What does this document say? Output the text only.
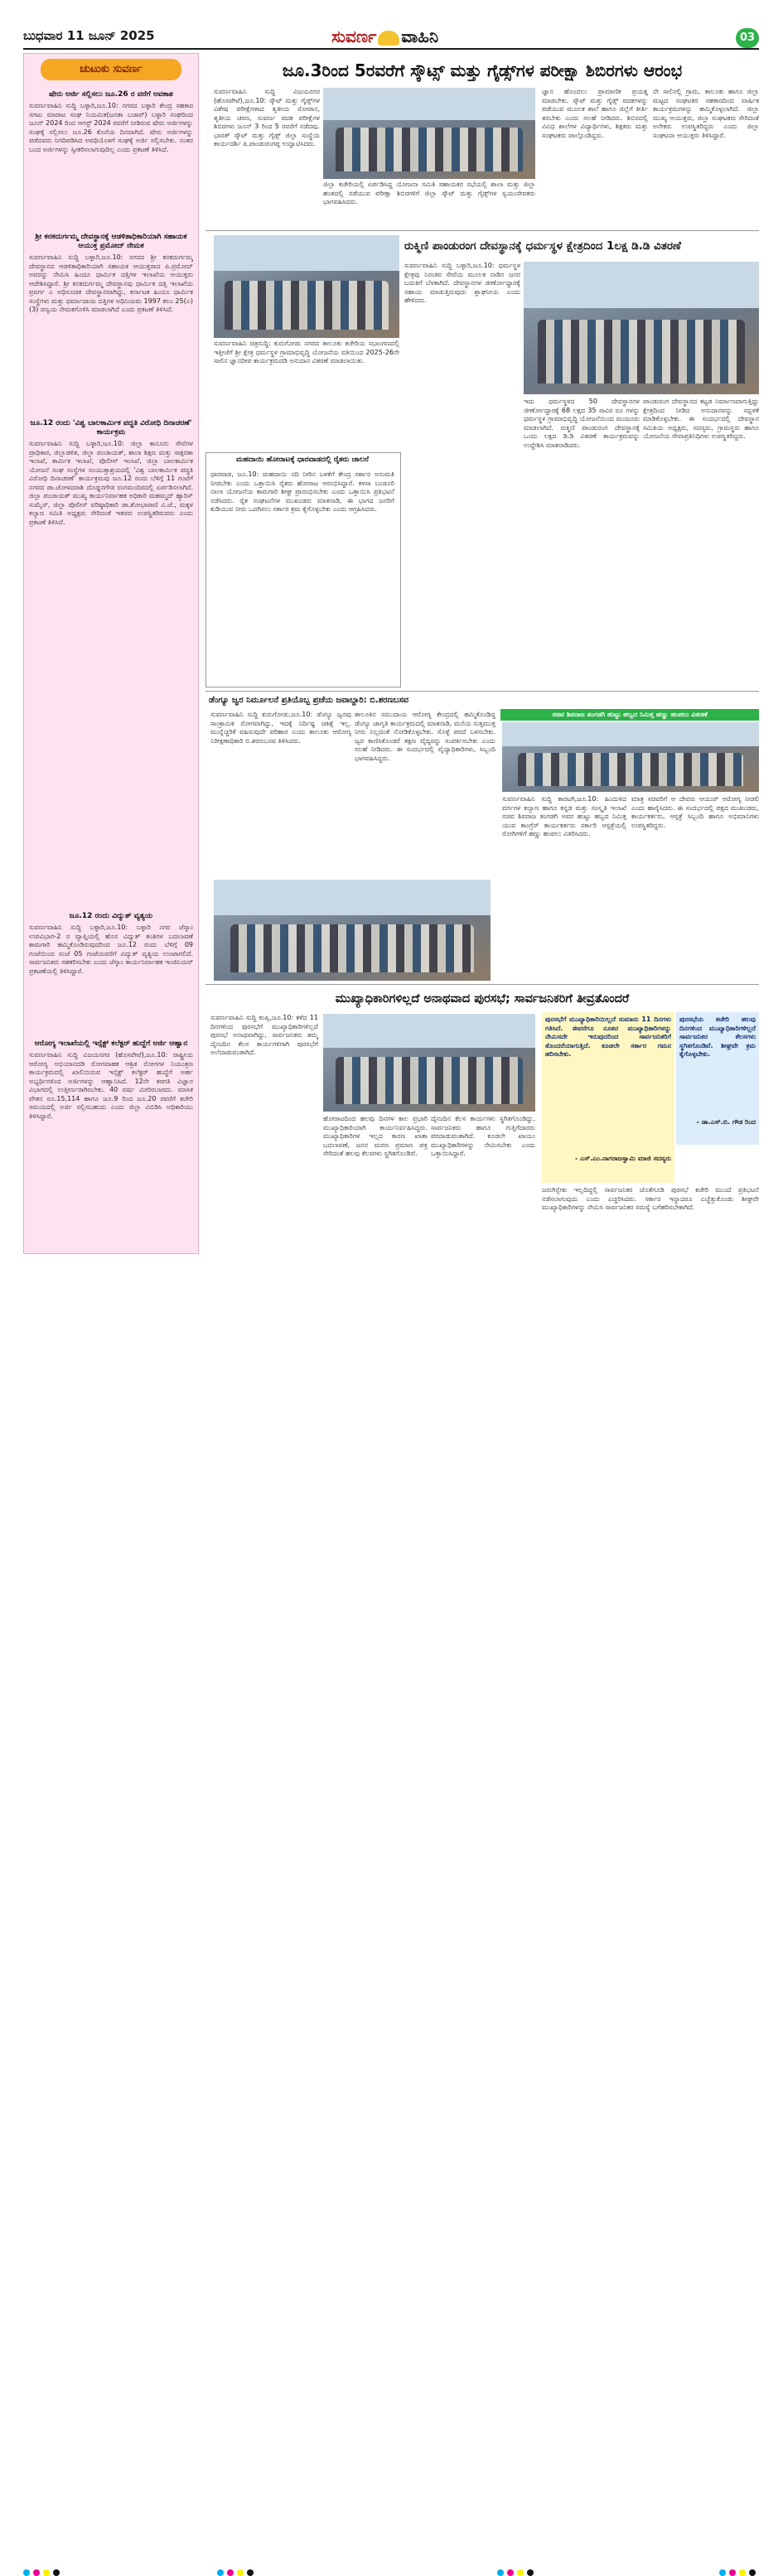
ಬುಧವಾರ 11 ಜೂನ್ 2025	ಸುವರ್ಣ ವಾಹಿನಿ	03
ಚುಟುಕು ಸುವರ್ಣ
ಷೇರು ಅರ್ಜಿ ಸಲ್ಲಿಸಲು ಜೂ.26 ರ ವರೆಗೆ ಅವಕಾಶ
ಸುವರ್ಣವಾಹಿನಿ ಸುದ್ದಿ ಬಳ್ಳಾರಿ,ಜೂ.10: ನಗರದ ಬಳ್ಳಾರಿ ಕೇಂದ್ರ ಸಹಕಾರ ಸಗಟು ಮಾರಾಟ ಸಂಘ ನಿಯಮಿತ(ಜನತಾ ಬಜಾರ್) ಬಳ್ಳಾರಿ ಸಂಘದಿಂದ ಜೂನ್ 2024 ರಿಂದ ಆಗಸ್ಟ್ 2024 ರವರೆಗೆ ನೀಡಿರುವ ಷೇರು ಅರ್ಜಿಗಳನ್ನು ಸಂಘಕ್ಕೆ ಸಲ್ಲಿಸಲು ಜೂ.26 ಕೊನೆಯ ದಿನವಾಗಿದೆ. ಷೇರು ಅರ್ಜಿಗಳನ್ನು ಪಡೆದವರು ನಿಗದಿಪಡಿಸಿದ ಅವಧಿಯೊಳಗೆ ಸಂಘಕ್ಕೆ ಅರ್ಜಿ ಸಲ್ಲಿಸಬೇಕು. ನಂತರ ಬಂದ ಅರ್ಜಿಗಳನ್ನು ಸ್ವೀಕರಿಸಲಾಗುವುದಿಲ್ಲ ಎಂದು ಪ್ರಕಟಣೆ ತಿಳಿಸಿದೆ.
ಶ್ರೀ ಕನಕದುರ್ಗಮ್ಮ ದೇವಸ್ಥಾನಕ್ಕೆ ಆಡಳಿತಾಧಿಕಾರಿಯಾಗಿ ಸಹಾಯಕ ಆಯುಕ್ತ ಪ್ರಮೋದ್ ನೇಮಕ
ಸುವರ್ಣವಾಹಿನಿ ಸುದ್ದಿ ಬಳ್ಳಾರಿ,ಜೂ.10: ನಗರದ ಶ್ರೀ ಕನಕದುರ್ಗಮ್ಮ ದೇವಸ್ಥಾನದ ಆಡಳಿತಾಧಿಕಾರಿಯಾಗಿ ಸಹಾಯಕ ಆಯುಕ್ತರಾದ ಪಿ.ಪ್ರಮೋದ್ ಅವರನ್ನು ನೇಮಿಸಿ ಹಿಂದೂ ಧಾರ್ಮಿಕ ದತ್ತಿಗಳ ಇಲಾಖೆಯ ಆಯುಕ್ತರು ಆದೇಶಿಸಿದ್ದಾರೆ. ಶ್ರೀ ಕನಕದುರ್ಗಮ್ಮ ದೇವಸ್ಥಾನವು ಧಾರ್ಮಿಕ ದತ್ತಿ ಇಲಾಖೆಯ ಪ್ರವರ್ಗ ಎ ಅಧಿಸೂಚಿತ ದೇವಸ್ಥಾನವಾಗಿದ್ದು, ಕರ್ನಾಟಕ ಹಿಂದೂ ಧಾರ್ಮಿಕ ಸಂಸ್ಥೆಗಳು ಮತ್ತು ಧರ್ಮಾದಾಯ ದತ್ತಿಗಳ ಅಧಿನಿಯಮ 1997 ಕಲಂ 25(ಎ)(3) ರಣ್ವಯ ನೇಮಕಗೊಳಿಸಿ ಮಾಡಲಾಗಿದೆ ಎಂದು ಪ್ರಕಟಣೆ ತಿಳಿಸಿದೆ.
ಜೂ.12 ರಂದು 'ವಿಶ್ವ ಬಾಲಕಾರ್ಮಿಕ ಪದ್ಧತಿ ವಿರೋಧಿ ದಿನಾಚರಣೆ' ಕಾರ್ಯಕ್ರಮ
ಸುವರ್ಣವಾಹಿನಿ ಸುದ್ದಿ ಬಳ್ಳಾರಿ,ಜೂ.10: ಜಿಲ್ಲಾ ಕಾನೂನು ಸೇವೆಗಳ ಪ್ರಾಧಿಕಾರ, ಜಿಲ್ಲಾಡಳಿತ, ಜಿಲ್ಲಾ ಪಂಚಾಯತ್, ಶಾಲಾ ಶಿಕ್ಷಣ ಮತ್ತು ಸಾಕ್ಷರತಾ ಇಲಾಖೆ, ಕಾರ್ಮಿಕ ಇಲಾಖೆ, ಪೊಲೀಸ್ ಇಲಾಖೆ, ಜಿಲ್ಲಾ ಬಾಲಕಾರ್ಮಿಕ ಯೋಜನೆ ಸಂಘ ಸಂಸ್ಥೆಗಳ ಸಂಯುಕ್ತಾಶ್ರಯದಲ್ಲಿ 'ವಿಶ್ವ ಬಾಲಕಾರ್ಮಿಕ ಪದ್ಧತಿ ವಿರೋಧಿ ದಿನಾಚರಣೆ' ಕಾರ್ಯಕ್ರಮವು ಜೂ.12 ರಂದು ಬೆಳಿಗ್ಗೆ 11 ಗಂಟೆಗೆ ನಗರದ ಡಾ.ಜೋಳದರಾಶಿ ದೊಡ್ಡನಗೌಡ ರಂಗಮಂದಿರದಲ್ಲಿ ಏರ್ಪಡಿಸಲಾಗಿದೆ. ಜಿಲ್ಲಾ ಪಂಚಾಯತ್ ಮುಖ್ಯ ಕಾರ್ಯನಿರ್ವಾಹಕ ಅಧಿಕಾರಿ ಮಹಮ್ಮದ್ ಹ್ಯಾರಿಸ್ ಸುಮೈರ್, ಜಿಲ್ಲಾ ಪೊಲೀಸ್ ವರಿಷ್ಠಾಧಿಕಾರಿ ಡಾ.ಶೋಭಾರಾಣಿ ವಿ.ಜೆ., ಮಕ್ಕಳ ಕಲ್ಯಾಣ ಸಮಿತಿ ಅಧ್ಯಕ್ಷರು ಸೇರಿದಂತೆ ಇತರರು ಉಪಸ್ಥಿತರಿರುವರು ಎಂದು ಪ್ರಕಟಣೆ ತಿಳಿಸಿದೆ.
ಜೂ.12 ರಂದು ವಿದ್ಯುತ್ ವ್ಯತ್ಯಯ
ಸುವರ್ಣವಾಹಿನಿ ಸುದ್ದಿ ಬಳ್ಳಾರಿ,ಜೂ.10: ಬಳ್ಳಾರಿ ನಗರ ಜೆಸ್ಕಾಂ ಉಪವಿಭಾಗ-2 ರ ವ್ಯಾಪ್ತಿಯಲ್ಲಿ ಹೊಸ ವಿದ್ಯುತ್ ತಂತಿಗಳ ಬದಲಾವಣೆ ಕಾಮಗಾರಿ ಹಮ್ಮಿಕೊಂಡಿರುವುದರಿಂದ ಜೂ.12 ರಂದು ಬೆಳಿಗ್ಗೆ 09 ಗಂಟೆಯಿಂದ ಸಂಜೆ 05 ಗಂಟೆಯವರೆಗೆ ವಿದ್ಯುತ್ ವ್ಯತ್ಯಯ ಉಂಟಾಗಲಿದೆ. ಸಾರ್ವಜನಿಕರು ಸಹಕರಿಸಬೇಕು ಎಂದು ಜೆಸ್ಕಾಂ ಕಾರ್ಯನಿರ್ವಾಹಕ ಇಂಜಿನಿಯರ್ ಪ್ರಕಟಣೆಯಲ್ಲಿ ತಿಳಿಸಿದ್ದಾರೆ.
ಆರೋಗ್ಯ ಇಲಾಖೆಯಲ್ಲಿ ಇನ್ಸೆಕ್ಟ್ ಕಲೆಕ್ಟರ್ ಹುದ್ದೆಗೆ ಅರ್ಜಿ ಆಹ್ವಾನ
ಸುವರ್ಣವಾಹಿನಿ ಸುದ್ದಿ ವಿಜಯನಗರ (ಹೊಸಪೇಟೆ),ಜೂ.10: ರಾಷ್ಟ್ರೀಯ ಆರೋಗ್ಯ ಅಭಿಯಾನದಡಿ ರೋಗವಾಹಕ ಆಶ್ರಿತ ರೋಗಗಳ ನಿಯಂತ್ರಣ ಕಾರ್ಯಕ್ರಮದಲ್ಲಿ ಖಾಲಿಯಿರುವ ಇನ್ಸೆಕ್ಟ್ ಕಲೆಕ್ಟರ್ ಹುದ್ದೆಗೆ ಅರ್ಹ ಅಭ್ಯರ್ಥಿಗಳಿಂದ ಅರ್ಜಿಗಳನ್ನು ಆಹ್ವಾನಿಸಿದೆ. 12ನೇ ತರಗತಿ ವಿಜ್ಞಾನ ವಿಭಾಗದಲ್ಲಿ ಉತ್ತೀರ್ಣರಾಗಿರಬೇಕು. 40 ವರ್ಷ ಮೀರಿರಬಾರದು. ಮಾಸಿಕ ವೇತನ ರೂ.15,114 ಹಾಗೂ ಜೂ.9 ರಿಂದ ಜೂ.20 ರವರೆಗೆ ಕಚೇರಿ ಸಮಯದಲ್ಲಿ ಅರ್ಜಿ ಸಲ್ಲಿಸಬಹುದು ಎಂದು ಜಿಲ್ಲಾ ವಿಬಿಡಿಸಿ ಅಧಿಕಾರಿಯು ತಿಳಿಸಿದ್ದಾರೆ.
ಜೂ.3ರಿಂದ 5ರವರೆಗೆ ಸ್ಕೌಟ್ಸ್ ಮತ್ತು ಗೈಡ್ಸ್‌ಗಳ ಪರೀಕ್ಷಾ ಶಿಬಿರಗಳು ಆರಂಭ
ಸುವರ್ಣವಾಹಿನಿ ಸುದ್ದಿ ವಿಜಯನಗರ (ಹೊಸಪೇಟೆ),ಜೂ.10: ಸ್ಕೌಟ್ ಮತ್ತು ಗೈಡ್ಸ್‌ಗಳ ವಿಶೇಷ ಪರೀಕ್ಷೆಗಳಾದ ತೃತೀಯ ಸೋಪಾನ, ತೃತೀಯ ಚರಣ, ಸುವರ್ಣ ಪದಕ ಪರೀಕ್ಷೆಗಳ ಶಿಬಿರಗಳು ಜೂನ್ 3 ರಿಂದ 5 ರವರೆಗೆ ನಡೆದವು. ಭಾರತ್ ಸ್ಕೌಟ್ ಮತ್ತು ಗೈಡ್ಸ್ ಜಿಲ್ಲಾ ಸಂಸ್ಥೆಯ ಕಾರ್ಯದರ್ಶಿ ಪಿ.ಪಾಂಡುರಂಗಪ್ಪ ಉದ್ಘಾಟಿಸಿದರು.
ಜಿಲ್ಲಾ ಕಚೇರಿಯಲ್ಲಿ ಏರ್ಪಡಿಸಿದ್ದ ಯೋಜನಾ ಸಮಿತಿ ಸಹಾಯಕರ ಸಭೆಯಲ್ಲಿ ಶಾಲಾ ಮತ್ತು ಜಿಲ್ಲಾ ಹಂತದಲ್ಲಿ ನಡೆಯುವ ಪರೀಕ್ಷಾ ಶಿಬಿರಗಳಿಗೆ ಜಿಲ್ಲಾ ಸ್ಕೌಟ್ ಮತ್ತು ಗೈಡ್ಸ್‌ಗಳ ಸ್ವಯಂಸೇವಕರು ಭಾಗವಹಿಸಿದರು.
ಜ್ಞಾನ ಹೊಂದಲು ಪ್ರಾಮಾಣಿಕ ಪ್ರಯತ್ನ ಮಾಡಬೇಕು. ಸ್ಕೌಟ್ ಮತ್ತು ಗೈಡ್ಸ್ ಪದಕಗಳನ್ನು ಪಡೆಯುವ ಮೂಲಕ ಶಾಲೆ ಹಾಗೂ ಜಿಲ್ಲೆಗೆ ಕೀರ್ತಿ ತರಬೇಕು ಎಂದು ಸಲಹೆ ನೀಡಿದರು. ಶಿಬಿರದಲ್ಲಿ ವಿವಿಧ ಶಾಲೆಗಳ ವಿದ್ಯಾರ್ಥಿಗಳು, ಶಿಕ್ಷಕರು ಮತ್ತು ಸಂಘಟಕರು ಪಾಲ್ಗೊಂಡಿದ್ದರು.
ನೇ ಸಾಲಿನಲ್ಲಿ ಗ್ರಾಮ, ತಾಲೂಕು ಹಾಗೂ ಜಿಲ್ಲಾ ಮಟ್ಟದ ಸಂಘಟಕರ ಸಹಕಾರದಿಂದ ವಾರ್ಷಿಕ ಕಾರ್ಯಕ್ರಮಗಳನ್ನು ಹಮ್ಮಿಕೊಳ್ಳಲಾಗಿದೆ. ಜಿಲ್ಲಾ ಮುಖ್ಯ ಆಯುಕ್ತರು, ಜಿಲ್ಲಾ ಸಂಘಟಕರು ಸೇರಿದಂತೆ ಅನೇಕರು ಉಪಸ್ಥಿತರಿದ್ದರು ಎಂದು ಜಿಲ್ಲಾ ಸಂಘಟನಾ ಆಯುಕ್ತರು ತಿಳಿಸಿದ್ದಾರೆ.
ಸುವರ್ಣವಾಹಿನಿ ಚಿತ್ರಸುದ್ದಿ: ಕುರುಗೋಡು ನಗರದ ತಾಲೂಕು ಕಚೇರಿಯ ಸಭಾಂಗಣದಲ್ಲಿ ಇತ್ತೀಚೆಗೆ ಶ್ರೀ ಕ್ಷೇತ್ರ ಧರ್ಮಸ್ಥಳ ಗ್ರಾಮಾಭಿವೃದ್ಧಿ ಯೋಜನೆಯ ವತಿಯಿಂದ 2025-26ನೇ ಸಾಲಿನ ಜ್ಞಾನದೀಪ ಕಾರ್ಯಕ್ರಮದಡಿ ಅನುದಾನ ವಿತರಣೆ ಮಾಡಲಾಯಿತು.
ರುಕ್ಮಿಣಿ ಪಾಂಡುರಂಗ ದೇವಸ್ಥಾನಕ್ಕೆ ಧರ್ಮಸ್ಥಳ ಕ್ಷೇತ್ರದಿಂದ 1ಲಕ್ಷ ಡಿ.ಡಿ ವಿತರಣೆ
ಸುವರ್ಣವಾಹಿನಿ ಸುದ್ದಿ ಬಳ್ಳಾರಿ,ಜೂ.10: ಧರ್ಮಸ್ಥಳ ಕ್ಷೇತ್ರವು ನಿರಂತರ ಸೇವೆಯ ಮೂಲಕ ನಾಡಿನ ಜನರ ಬದುಕಿಗೆ ಬೆಳಕಾಗಿದೆ. ದೇವಸ್ಥಾನಗಳ ಜೀರ್ಣೋದ್ಧಾರಕ್ಕೆ ಸಹಾಯ ಮಾಡುತ್ತಿರುವುದು ಶ್ಲಾಘನೀಯ ಎಂದು ಹೇಳಿದರು.
ಇದು ಧರ್ಮಸ್ಥಳದ 50 ದೇವಸ್ಥಾನಗಳ ಜೀರ್ಣೋದ್ಧಾರಕ್ಕೆ 68 ಲಕ್ಷದ 35 ಸಾವಿರ ರೂ ಗಳನ್ನು ಧರ್ಮಸ್ಥಳ ಗ್ರಾಮಾಭಿವೃದ್ಧಿ ಯೋಜನೆಯಿಂದ ಮಂಜೂರು ಮಾಡಲಾಗಿದೆ. ರುಕ್ಮಿಣಿ ಪಾಂಡುರಂಗ ದೇವಸ್ಥಾನಕ್ಕೆ ಒಂದು ಲಕ್ಷದ ಡಿ.ಡಿ ವಿತರಣೆ ಕಾರ್ಯಕ್ರಮವನ್ನು ಉದ್ದೇಶಿಸಿ ಮಾತನಾಡಿದರು.
ಪಾಂಡುರಂಗ ದೇವಸ್ಥಾನದ ಕಟ್ಟಡ ನಿರ್ಮಾಣವಾಗುತ್ತಿದ್ದು ಕ್ಷೇತ್ರದಿಂದ ನೀಡಿದ ಅನುದಾನವನ್ನು ಸದ್ಬಳಕೆ ಮಾಡಿಕೊಳ್ಳಬೇಕು. ಈ ಸಂದರ್ಭದಲ್ಲಿ ದೇವಸ್ಥಾನ ಸಮಿತಿಯ ಅಧ್ಯಕ್ಷರು, ಸದಸ್ಯರು, ಗ್ರಾಮಸ್ಥರು ಹಾಗೂ ಯೋಜನೆಯ ಸೇವಾಪ್ರತಿನಿಧಿಗಳು ಉಪಸ್ಥಿತರಿದ್ದರು.
ಮಹದಾಯಿ ಹೋರಾಟಕ್ಕೆ ಧಾರವಾಡದಲ್ಲಿ ರೈತರು ಚಾಲನೆ
ಧಾರವಾಡ, ಜೂ.10: ಮಹದಾಯಿ ನದಿ ನೀರಿನ ಬಳಕೆಗೆ ಕೇಂದ್ರ ಸರ್ಕಾರ ಅನುಮತಿ ನೀಡಬೇಕು ಎಂದು ಒತ್ತಾಯಿಸಿ ರೈತರು ಹೋರಾಟ ಆರಂಭಿಸಿದ್ದಾರೆ. ಕಳಸಾ ಬಂಡೂರಿ ನಾಲಾ ಯೋಜನೆಯ ಕಾಮಗಾರಿ ಶೀಘ್ರ ಪ್ರಾರಂಭಿಸಬೇಕು ಎಂದು ಒತ್ತಾಯಿಸಿ ಪ್ರತಿಭಟನೆ ನಡೆಸಿದರು. ರೈತ ಸಂಘಟನೆಗಳ ಮುಖಂಡರು ಮಾತನಾಡಿ, ಈ ಭಾಗದ ಜನರಿಗೆ ಕುಡಿಯುವ ನೀರು ಒದಗಿಸಲು ಸರ್ಕಾರ ಕ್ರಮ ಕೈಗೊಳ್ಳಬೇಕು ಎಂದು ಆಗ್ರಹಿಸಿದರು.
ಡೆಂಗ್ಯೂ ಜ್ವರ ನಿರ್ಮೂಲನೆ ಪ್ರತಿಯೊಬ್ಬ ಪ್ರಜೆಯ ಜವಾಬ್ದಾರಿ: ಬಿ.ಶರಣಬಸವ
ಸುವರ್ಣವಾಹಿನಿ ಸುದ್ದಿ ಕುರುಗೋಡು,ಜೂ.10: ಡೆಂಗ್ಯೂ ಜ್ವರವು ಸಾಂಕ್ರಾಮಿಕ ರೋಗವಾಗಿದ್ದು, ಇದಕ್ಕೆ ನಿರ್ದಿಷ್ಟ ಚಿಕಿತ್ಸೆ ಇಲ್ಲ. ಮುನ್ನೆಚ್ಚರಿಕೆ ವಹಿಸುವುದೇ ಪರಿಹಾರ ಎಂದು ತಾಲೂಕು ಆರೋಗ್ಯ ನಿರೀಕ್ಷಣಾಧಿಕಾರಿ ಬಿ.ಶರಣಬಸವ ತಿಳಿಸಿದರು.
ತಾಲೂಕಿನ ಸಮುದಾಯ ಆರೋಗ್ಯ ಕೇಂದ್ರದಲ್ಲಿ ಹಮ್ಮಿಕೊಂಡಿದ್ದ ಡೆಂಗ್ಯೂ ಜಾಗೃತಿ ಕಾರ್ಯಕ್ರಮದಲ್ಲಿ ಮಾತನಾಡಿ, ಮನೆಯ ಸುತ್ತಮುತ್ತ ನೀರು ನಿಲ್ಲದಂತೆ ನೋಡಿಕೊಳ್ಳಬೇಕು. ಸೊಳ್ಳೆ ಪರದೆ ಬಳಸಬೇಕು. ಜ್ವರ ಕಾಣಿಸಿಕೊಂಡರೆ ತಕ್ಷಣ ವೈದ್ಯರನ್ನು ಸಂಪರ್ಕಿಸಬೇಕು ಎಂದು ಸಲಹೆ ನೀಡಿದರು. ಈ ಸಂದರ್ಭದಲ್ಲಿ ವೈದ್ಯಾಧಿಕಾರಿಗಳು, ಸಿಬ್ಬಂದಿ ಭಾಗವಹಿಸಿದ್ದರು.
ಸಚಿವ ಶಿವರಾಜ ತಂಗಡಗಿ ಹುಟ್ಟು ಹಬ್ಬದ ನಿಮಿತ್ತ ಹಣ್ಣು ಹಂಪಲು ವಿತರಣೆ
ಸುವರ್ಣವಾಹಿನಿ ಸುದ್ದಿ ಕಾರಟಗಿ,ಜೂ.10: ಹಿಂದುಳಿದ ವರ್ಗಗಳ ಕಲ್ಯಾಣ ಹಾಗೂ ಕನ್ನಡ ಮತ್ತು ಸಂಸ್ಕೃತಿ ಇಲಾಖೆ ಸಚಿವ ಶಿವರಾಜ ತಂಗಡಗಿ ಅವರ ಹುಟ್ಟು ಹಬ್ಬದ ನಿಮಿತ್ತ ಯುವ ಕಾಂಗ್ರೆಸ್ ಕಾರ್ಯಕರ್ತರು ಸರ್ಕಾರಿ ಆಸ್ಪತ್ರೆಯಲ್ಲಿ ರೋಗಿಗಳಿಗೆ ಹಣ್ಣು ಹಂಪಲು ವಿತರಿಸಿದರು.
ಮಾತ್ರ ಸಚಿವರಿಗೆ ಆ ದೇವರು ಆಯುರ್ ಆರೋಗ್ಯ ನೀಡಲಿ ಎಂದು ಹಾರೈಸಿದರು. ಈ ಸಂದರ್ಭದಲ್ಲಿ ಪಕ್ಷದ ಮುಖಂಡರು, ಕಾರ್ಯಕರ್ತರು, ಆಸ್ಪತ್ರೆ ಸಿಬ್ಬಂದಿ ಹಾಗೂ ಅಭಿಮಾನಿಗಳು ಉಪಸ್ಥಿತರಿದ್ದರು.
ಮುಖ್ಯಾಧಿಕಾರಿಗಳಿಲ್ಲದೆ ಅನಾಥವಾದ ಪುರಸಭೆ; ಸಾರ್ವಜನಿಕರಿಗೆ ತೀವ್ರತೊಂದರೆ
ಸುವರ್ಣವಾಹಿನಿ ಸುದ್ದಿ ಕಂಪ್ಲಿ,ಜೂ.10: ಕಳೆದ 11 ದಿನಗಳಿಂದ ಪುರಸಭೆಗೆ ಮುಖ್ಯಾಧಿಕಾರಿಗಳಿಲ್ಲದೆ ಪುರಸಭೆ ಅನಾಥವಾಗಿದ್ದು, ಸಾರ್ವಜನಿಕರು ತಮ್ಮ ದೈನಂದಿನ ಕೆಲಸ ಕಾರ್ಯಗಳಿಗಾಗಿ ಪುರಸಭೆಗೆ ಅಲೆದಾಡುವಂತಾಗಿದೆ.
ಹೋರಾಟದಿಂದ ಹಲವು ದಿನಗಳ ಕಾಲ ಪ್ರಭಾರಿ ಮುಖ್ಯಾಧಿಕಾರಿಯಾಗಿ ಕಾರ್ಯನಿರ್ವಹಿಸಿದ್ದರು. ಮುಖ್ಯಾಧಿಕಾರಿಗಳ ಇಲ್ಲದ ಕಾರಣ ಖಾತಾ ಬದಲಾವಣೆ, ಜನನ ಮರಣ ಪ್ರಮಾಣ ಪತ್ರ ಸೇರಿದಂತೆ ಹಲವು ಕೆಲಸಗಳು ಸ್ಥಗಿತಗೊಂಡಿವೆ.
ದೈನಂದಿನ ಕೆಲಸ ಕಾರ್ಯಗಳು ಸ್ಥಗಿತಗೊಂಡಿದ್ದು, ಸಾರ್ವಜನಿಕರು ಹಾಗೂ ಗುತ್ತಿಗೆದಾರರು ಪರದಾಡುವಂತಾಗಿದೆ. ಕೂಡಲೇ ಖಾಯಂ ಮುಖ್ಯಾಧಿಕಾರಿಗಳನ್ನು ನೇಮಿಸಬೇಕು ಎಂದು ಒತ್ತಾಯಿಸಿದ್ದಾರೆ.
ಪುರಸಭೆಗೆ ಮುಖ್ಯಾಧಿಕಾರಿಯಿಲ್ಲದೆ ಸುಮಾರು 11 ದಿನಗಳು ಗತಿಸಿದೆ. ಈವರೆಗೂ ನೂತನ ಮುಖ್ಯಾಧಿಕಾರಿಗಳನ್ನು ನೇಮಿಸದೇ ಇರುವುದರಿಂದ ಸಾರ್ವಜನಿಕರಿಗೆ ತೊಂದರೆಯಾಗುತ್ತಿದೆ. ಕೂಡಲೇ ಸರ್ಕಾರ ಗಮನ ಹರಿಸಬೇಕು.
- ಎಸ್.ಎಂ.ನಾಗರಾಜಸ್ವಾಮಿ ಮಾಜಿ ಸದಸ್ಯರು
ಪುರಸಭೆಯ ಕಚೇರಿ ಹಲವು ದಿನಗಳಿಂದ ಮುಖ್ಯಾಧಿಕಾರಿಗಳಿಲ್ಲದೆ ಸಾರ್ವಜನಿಕರ ಕೆಲಸಗಳು ಸ್ಥಗಿತಗೊಂಡಿವೆ. ಶೀಘ್ರವೇ ಕ್ರಮ ಕೈಗೊಳ್ಳಬೇಕು.
- ಡಾ.ಎಸ್.ಬಿ. ಗೌಡ ರಿಂದ
ಜರುಗಿಸ್ಬೇಕು ಇಲ್ಲದಿದ್ದಲ್ಲಿ ಸಾರ್ವಜನಿಕರ ಜೊತೆಗೂಡಿ ಪುರಸಭೆ ಕಚೇರಿ ಮುಂದೆ ಪ್ರತಿಭಟನೆ ನಡೆಸಲಾಗುವುದು ಎಂದು ಎಚ್ಚರಿಸಿದರು. ಸರ್ಕಾರ ಇನ್ನಾದರೂ ಎಚ್ಚೆತ್ತುಕೊಂಡು ಶೀಘ್ರವೇ ಮುಖ್ಯಾಧಿಕಾರಿಗಳನ್ನು ನೇಮಿಸಿ ಸಾರ್ವಜನಿಕರ ಸಮಸ್ಯೆ ಬಗೆಹರಿಸಬೇಕಾಗಿದೆ.
